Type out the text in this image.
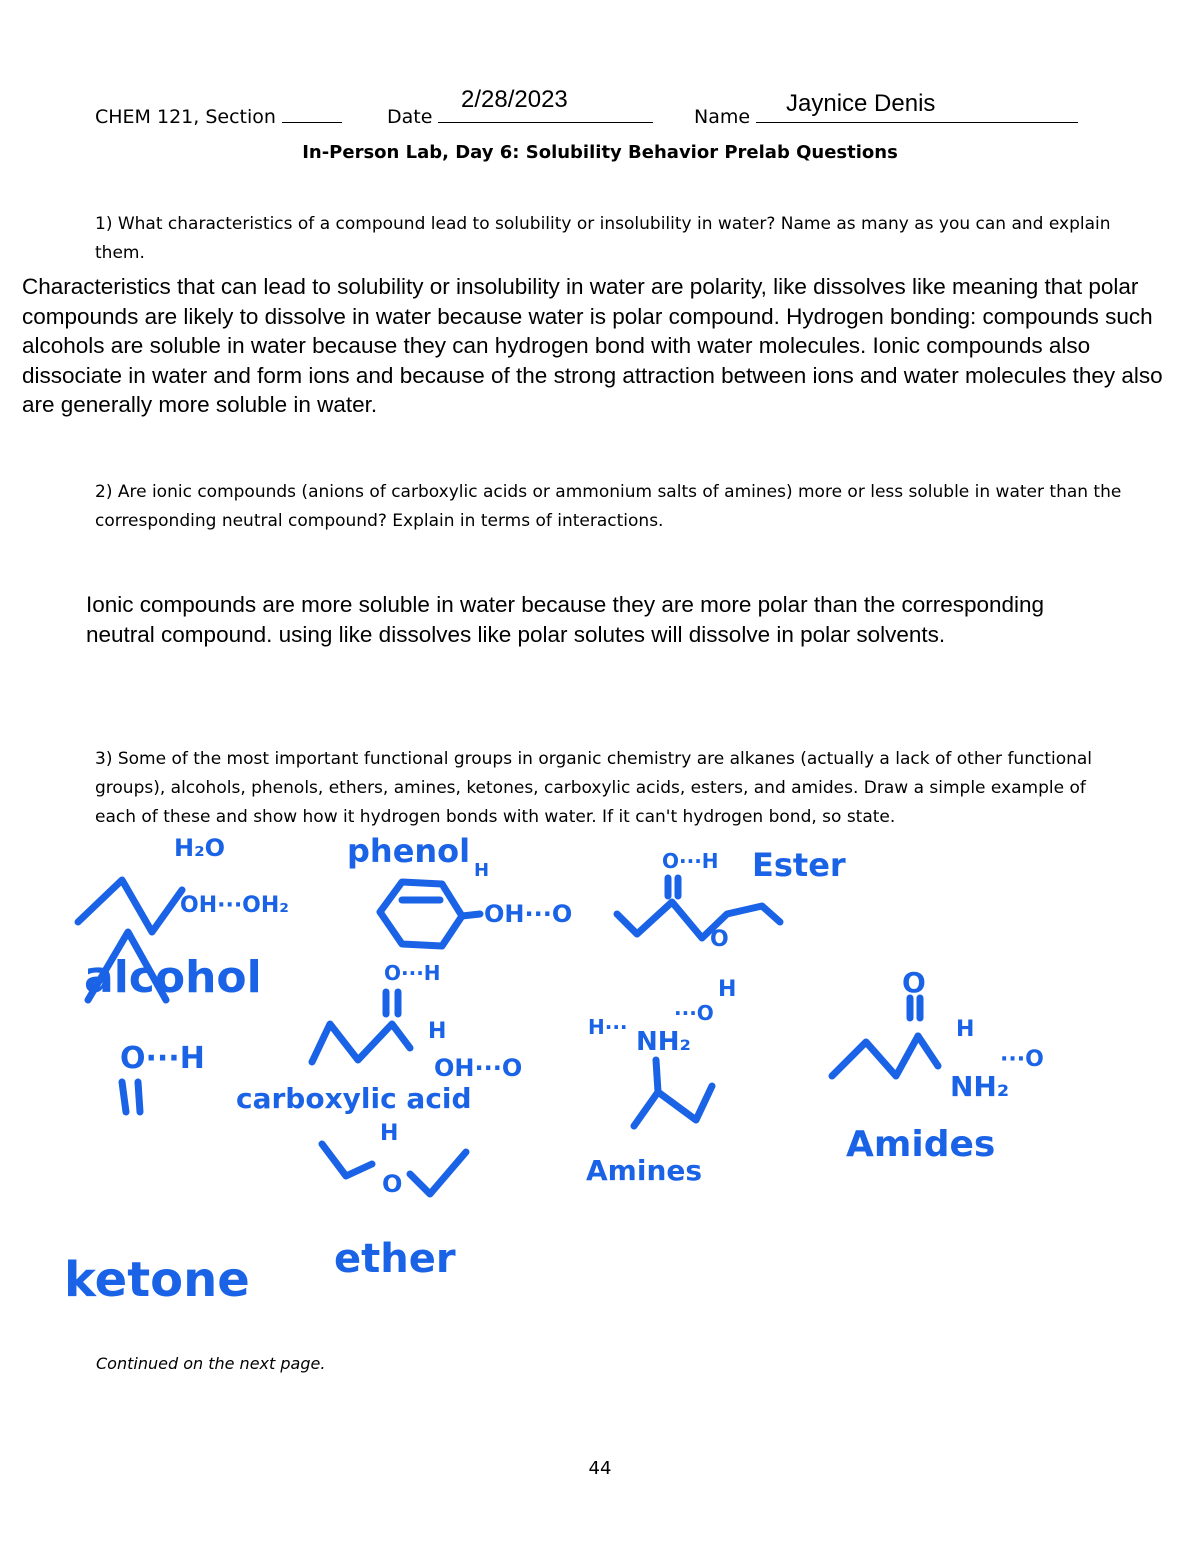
CHEM 121, Section	Date
2/28/2023
Name	Jaynice Denis
In-Person Lab, Day 6: Solubility Behavior Prelab Questions
1) What characteristics of a compound lead to solubility or insolubility in water? Name as many as you can and explain them.
Characteristics that can lead to solubility or insolubility in water are polarity, like dissolves like meaning that polar compounds are likely to dissolve in water because water is polar compound. Hydrogen bonding: compounds such alcohols are soluble in water because they can hydrogen bond with water molecules. Ionic compounds also dissociate in water and form ions and because of the strong attraction between ions and water molecules they also are generally more soluble in water.
2) Are ionic compounds (anions of carboxylic acids or ammonium salts of amines) more or less soluble in water than the corresponding neutral compound? Explain in terms of interactions.
Ionic compounds are more soluble in water because they are more polar than the corresponding neutral compound. using like dissolves like polar solutes will dissolve in polar solvents.
3) Some of the most important functional groups in organic chemistry are alkanes (actually a lack of other functional groups), alcohols, phenols, ethers, amines, ketones, carboxylic acids, esters, and amides. Draw a simple example of each of these and show how it hydrogen bonds with water. If it can't hydrogen bond, so state.
alcohol
H₂O
OH···OH₂
phenol
H
OH···O
Ester
O···H
O
H
O···H
ketone
O···H
H
OH···O
carboxylic acid
H
O
ether
H··· NH₂
···O
Amines
O
H
NH₂
···O
Amides
Continued on the next page.
44
